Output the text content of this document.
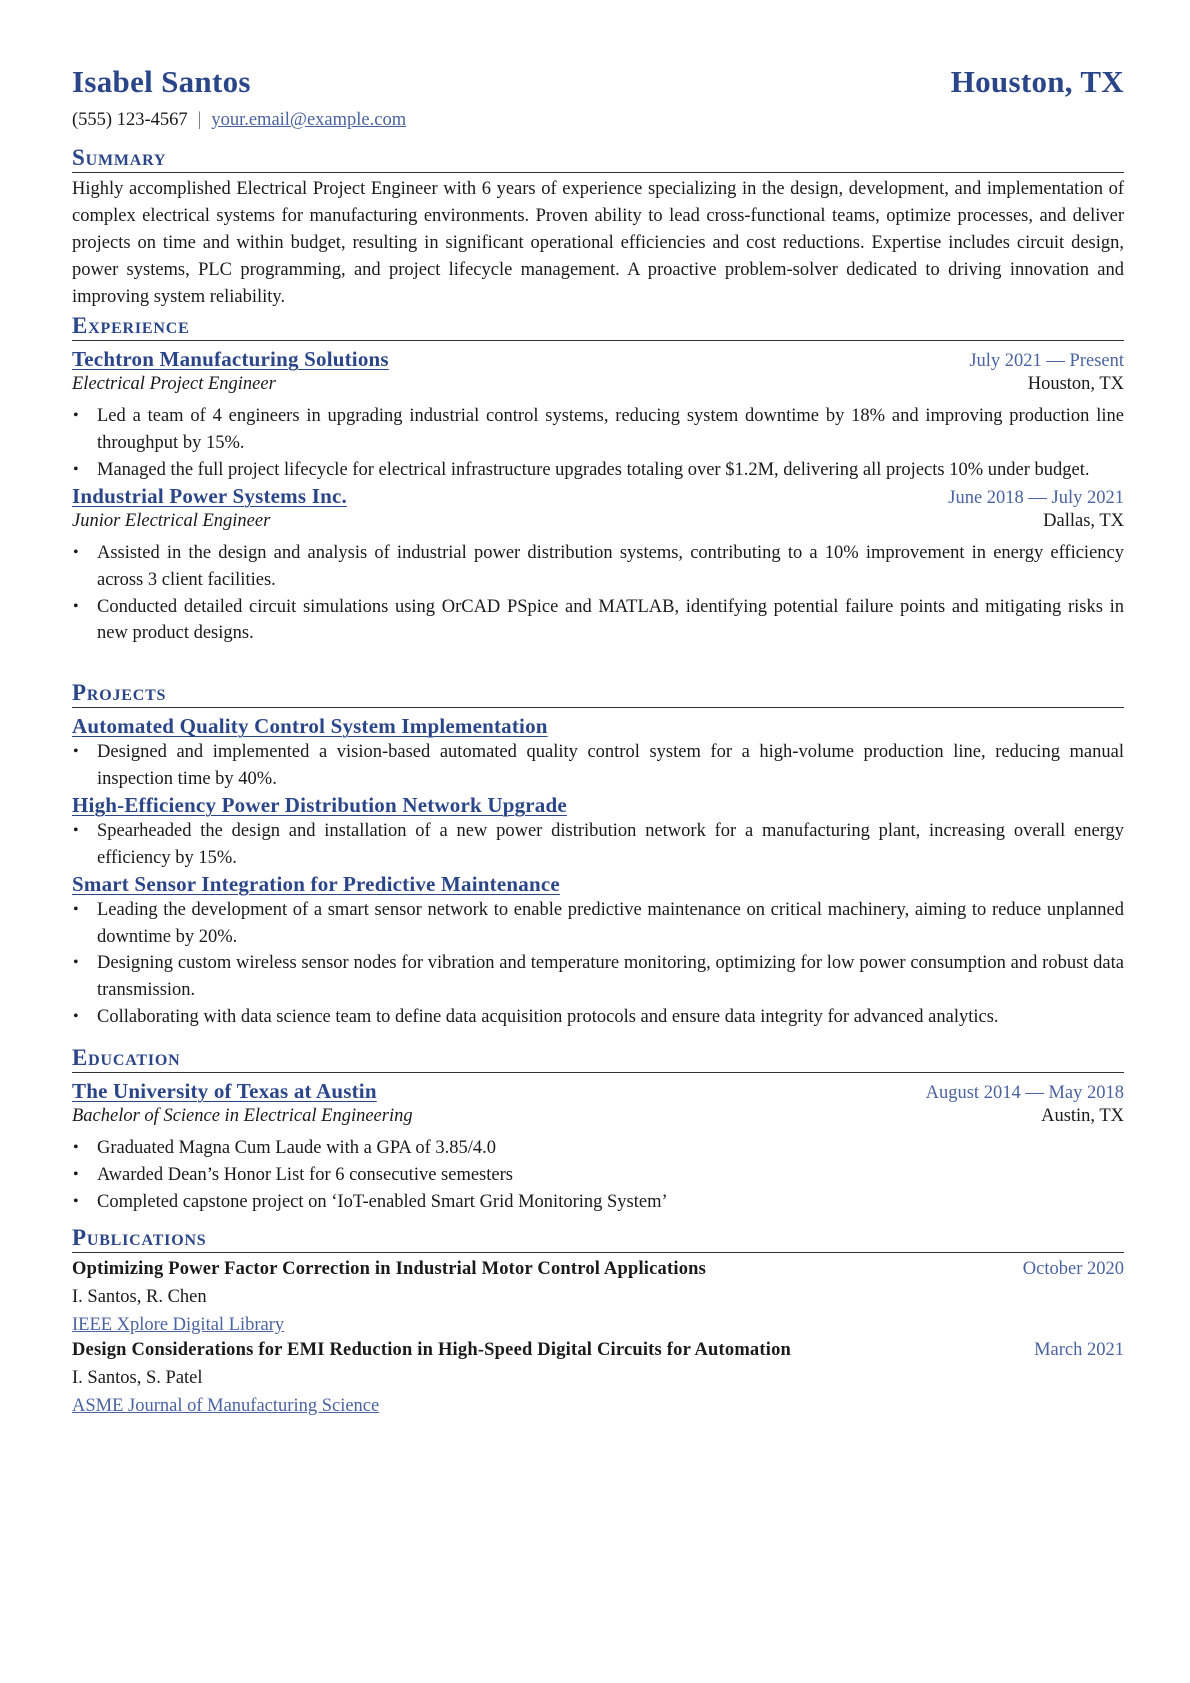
Isabel Santos	Houston, TX
(555) 123-4567 | your.email@example.com
Summary
Highly accomplished Electrical Project Engineer with 6 years of experience specializing in the design, development, and implementation of complex electrical systems for manufacturing environments. Proven ability to lead cross-functional teams, optimize processes, and deliver projects on time and within budget, resulting in significant operational efficiencies and cost reductions. Expertise includes circuit design, power systems, PLC programming, and project lifecycle management. A proactive problem-solver dedicated to driving innovation and improving system reliability.
Experience
Techtron Manufacturing Solutions	July 2021 — Present
Electrical Project Engineer	Houston, TX
• Led a team of 4 engineers in upgrading industrial control systems, reducing system downtime by 18% and improving production line throughput by 15%.
• Managed the full project lifecycle for electrical infrastructure upgrades totaling over $1.2M, delivering all projects 10% under budget.
Industrial Power Systems Inc.	June 2018 — July 2021
Junior Electrical Engineer	Dallas, TX
• Assisted in the design and analysis of industrial power distribution systems, contributing to a 10% improvement in energy efficiency across 3 client facilities.
• Conducted detailed circuit simulations using OrCAD PSpice and MATLAB, identifying potential failure points and mitigating risks in new product designs.
Projects
Automated Quality Control System Implementation
• Designed and implemented a vision-based automated quality control system for a high-volume production line, reducing manual inspection time by 40%.
High-Efficiency Power Distribution Network Upgrade
• Spearheaded the design and installation of a new power distribution network for a manufacturing plant, increasing overall energy efficiency by 15%.
Smart Sensor Integration for Predictive Maintenance
• Leading the development of a smart sensor network to enable predictive maintenance on critical machinery, aiming to reduce unplanned downtime by 20%.
• Designing custom wireless sensor nodes for vibration and temperature monitoring, optimizing for low power consumption and robust data transmission.
• Collaborating with data science team to define data acquisition protocols and ensure data integrity for advanced analytics.
Education
The University of Texas at Austin	August 2014 — May 2018
Bachelor of Science in Electrical Engineering	Austin, TX
• Graduated Magna Cum Laude with a GPA of 3.85/4.0
• Awarded Dean’s Honor List for 6 consecutive semesters
• Completed capstone project on ‘IoT-enabled Smart Grid Monitoring System’
Publications
Optimizing Power Factor Correction in Industrial Motor Control Applications	October 2020
I. Santos, R. Chen
IEEE Xplore Digital Library
Design Considerations for EMI Reduction in High-Speed Digital Circuits for Automation	March 2021
I. Santos, S. Patel
ASME Journal of Manufacturing Science
